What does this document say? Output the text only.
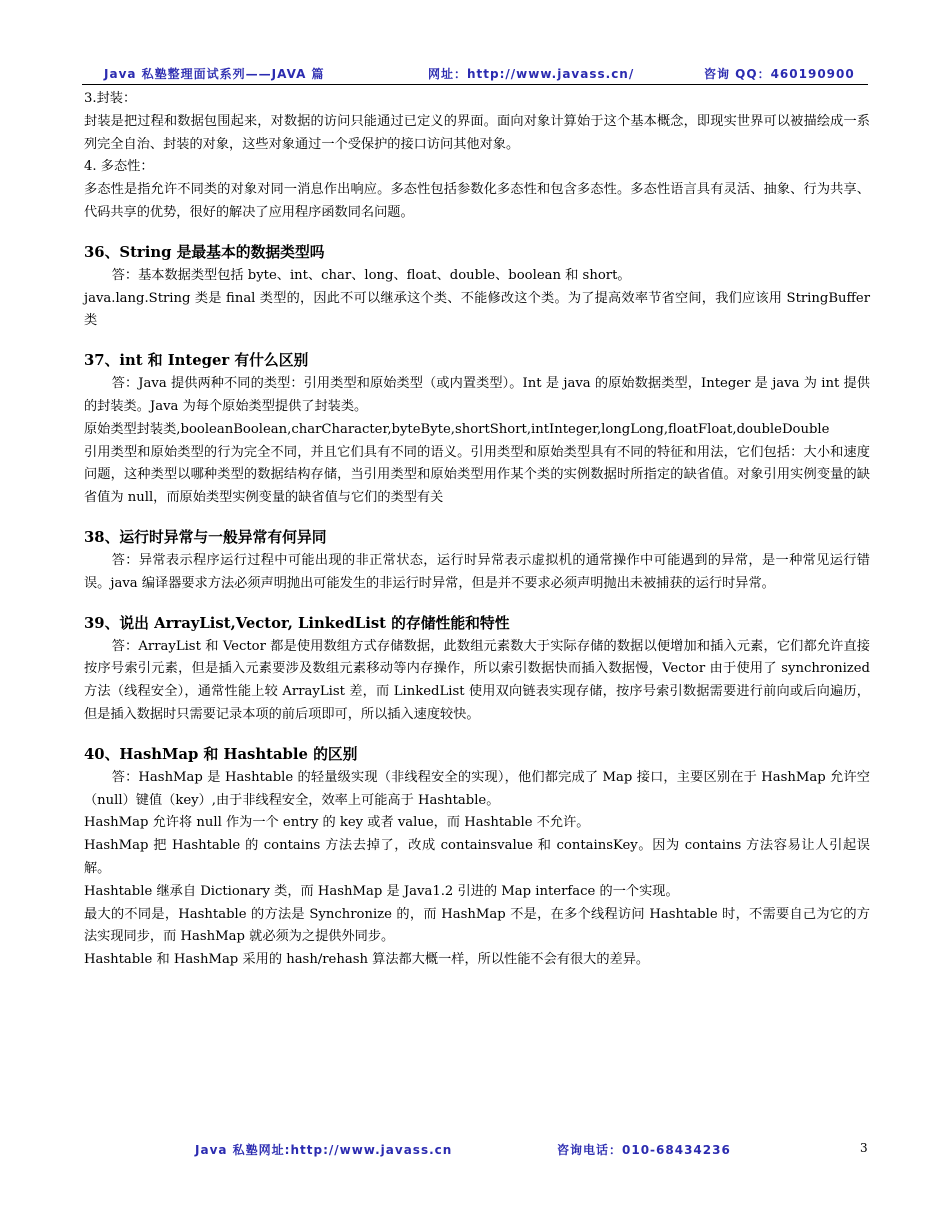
Java 私塾整理面试系列——JAVA 篇	网址：http://www.javass.cn/	咨询 QQ：460190900

3.封装：

封装是把过程和数据包围起来，对数据的访问只能通过已定义的界面。面向对象计算始于这个基本概念，即现实世界可以被描绘成一系列完全自治、封装的对象，这些对象通过一个受保护的接口访问其他对象。

4. 多态性：

多态性是指允许不同类的对象对同一消息作出响应。多态性包括参数化多态性和包含多态性。多态性语言具有灵活、抽象、行为共享、代码共享的优势，很好的解决了应用程序函数同名问题。

36、String 是最基本的数据类型吗

答：基本数据类型包括 byte、int、char、long、float、double、boolean 和 short。

java.lang.String 类是 final 类型的，因此不可以继承这个类、不能修改这个类。为了提高效率节省空间，我们应该用 StringBuffer 类

37、int 和 Integer 有什么区别

答：Java 提供两种不同的类型：引用类型和原始类型（或内置类型）。Int 是 java 的原始数据类型，Integer 是 java 为 int 提供的封装类。Java 为每个原始类型提供了封装类。

原始类型封装类,booleanBoolean,charCharacter,byteByte,shortShort,intInteger,longLong,floatFloat,doubleDouble

引用类型和原始类型的行为完全不同，并且它们具有不同的语义。引用类型和原始类型具有不同的特征和用法，它们包括：大小和速度问题，这种类型以哪种类型的数据结构存储，当引用类型和原始类型用作某个类的实例数据时所指定的缺省值。对象引用实例变量的缺省值为 null，而原始类型实例变量的缺省值与它们的类型有关

38、运行时异常与一般异常有何异同

答：异常表示程序运行过程中可能出现的非正常状态，运行时异常表示虚拟机的通常操作中可能遇到的异常，是一种常见运行错误。java 编译器要求方法必须声明抛出可能发生的非运行时异常，但是并不要求必须声明抛出未被捕获的运行时异常。

39、说出 ArrayList,Vector, LinkedList 的存储性能和特性

答：ArrayList 和 Vector 都是使用数组方式存储数据，此数组元素数大于实际存储的数据以便增加和插入元素，它们都允许直接按序号索引元素，但是插入元素要涉及数组元素移动等内存操作，所以索引数据快而插入数据慢，Vector 由于使用了 synchronized 方法（线程安全），通常性能上较 ArrayList 差，而 LinkedList 使用双向链表实现存储，按序号索引数据需要进行前向或后向遍历，但是插入数据时只需要记录本项的前后项即可，所以插入速度较快。

40、HashMap 和 Hashtable 的区别

答：HashMap 是 Hashtable 的轻量级实现（非线程安全的实现），他们都完成了 Map 接口，主要区别在于 HashMap 允许空（null）键值（key）,由于非线程安全，效率上可能高于 Hashtable。

HashMap 允许将 null 作为一个 entry 的 key 或者 value，而 Hashtable 不允许。

HashMap 把 Hashtable 的 contains 方法去掉了，改成 containsvalue 和 containsKey。因为 contains 方法容易让人引起误解。

Hashtable 继承自 Dictionary 类，而 HashMap 是 Java1.2 引进的 Map interface 的一个实现。

最大的不同是，Hashtable 的方法是 Synchronize 的，而 HashMap 不是，在多个线程访问 Hashtable 时，不需要自己为它的方法实现同步，而 HashMap 就必须为之提供外同步。

Hashtable 和 HashMap 采用的 hash/rehash 算法都大概一样，所以性能不会有很大的差异。

Java 私塾网址:http://www.javass.cn	咨询电话：010-68434236	3
